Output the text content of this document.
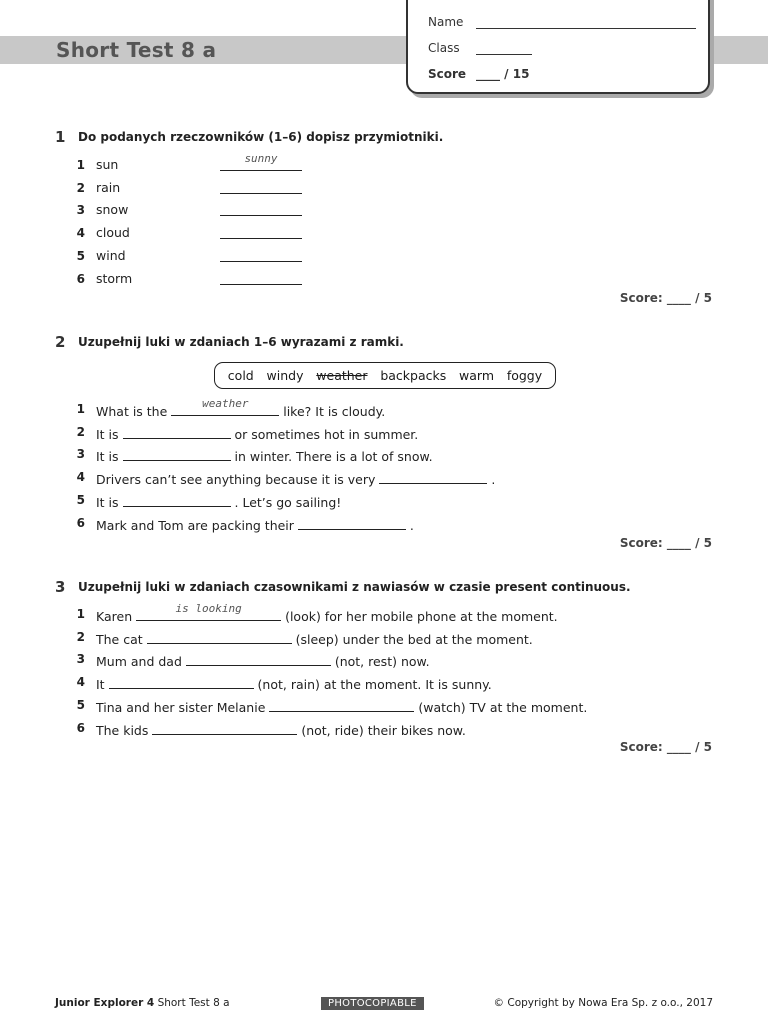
Short Test 8 a
Name
Class
Score ____ / 15
1 Do podanych rzeczowników (1–6) dopisz przymiotniki.
1 sun	sunny
2 rain
3 snow
4 cloud
5 wind
6 storm
Score: ____ / 5
2 Uzupełnij luki w zdaniach 1–6 wyrazami z ramki.
cold windy weather backpacks warm foggy
1 What is the
weather
like? It is cloudy.
2 It is	or sometimes hot in summer.
3 It is	in winter. There is a lot of snow.
4 Drivers can’t see anything because it is very	.
5 It is	. Let’s go sailing!
6 Mark and Tom are packing their	.
Score: ____ / 5
3 Uzupełnij luki w zdaniach czasownikami z nawiasów w czasie present continuous.
1 Karen
is looking
(look) for her mobile phone at the moment.
2 The cat	(sleep) under the bed at the moment.
3 Mum and dad	(not, rest) now.
4 It	(not, rain) at the moment. It is sunny.
5 Tina and her sister Melanie	(watch) TV at the moment.
6 The kids	(not, ride) their bikes now.
Score: ____ / 5
Junior Explorer 4 Short Test 8 a	PHOTOCOPIABLE	© Copyright by Nowa Era Sp. z o.o., 2017
